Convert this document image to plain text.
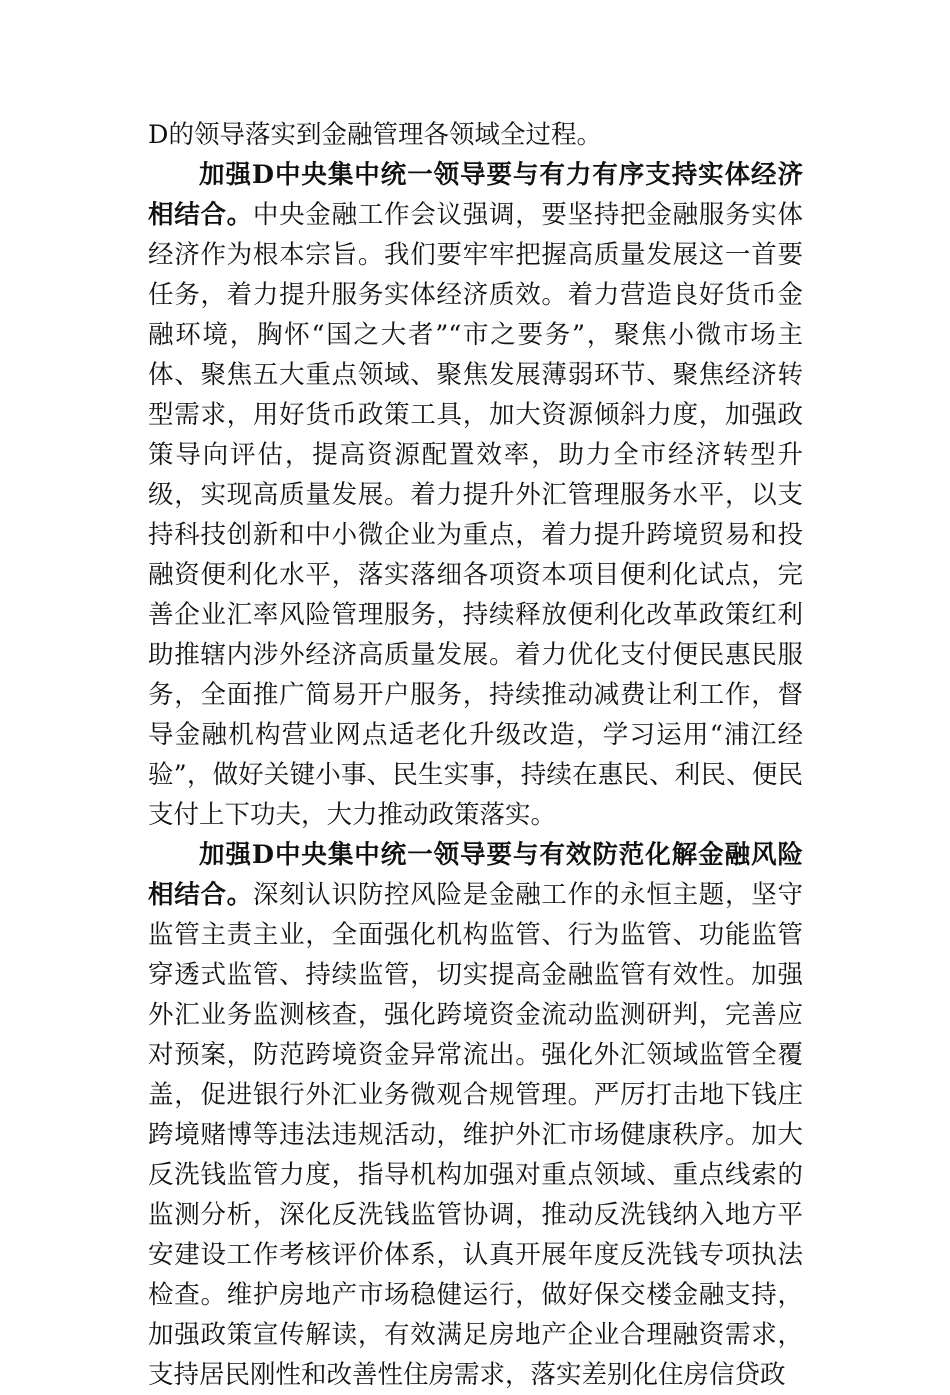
D的领导落实到金融管理各领域全过程。

加强D中央集中统一领导要与有力有序支持实体经济相结合。中央金融工作会议强调，要坚持把金融服务实体经济作为根本宗旨。我们要牢牢把握高质量发展这一首要任务，着力提升服务实体经济质效。着力营造良好货币金融环境，胸怀“国之大者”“市之要务”，聚焦小微市场主体、聚焦五大重点领域、聚焦发展薄弱环节、聚焦经济转型需求，用好货币政策工具，加大资源倾斜力度，加强政策导向评估，提高资源配置效率，助力全市经济转型升级，实现高质量发展。着力提升外汇管理服务水平，以支持科技创新和中小微企业为重点，着力提升跨境贸易和投融资便利化水平，落实落细各项资本项目便利化试点，完善企业汇率风险管理服务，持续释放便利化改革政策红利助推辖内涉外经济高质量发展。着力优化支付便民惠民服务，全面推广简易开户服务，持续推动减费让利工作，督导金融机构营业网点适老化升级改造，学习运用“浦江经验”，做好关键小事、民生实事，持续在惠民、利民、便民支付上下功夫，大力推动政策落实。

加强D中央集中统一领导要与有效防范化解金融风险相结合。深刻认识防控风险是金融工作的永恒主题，坚守监管主责主业，全面强化机构监管、行为监管、功能监管穿透式监管、持续监管，切实提高金融监管有效性。加强外汇业务监测核查，强化跨境资金流动监测研判，完善应对预案，防范跨境资金异常流出。强化外汇领域监管全覆盖，促进银行外汇业务微观合规管理。严厉打击地下钱庄跨境赌博等违法违规活动，维护外汇市场健康秩序。加大反洗钱监管力度，指导机构加强对重点领域、重点线索的监测分析，深化反洗钱监管协调，推动反洗钱纳入地方平安建设工作考核评价体系，认真开展年度反洗钱专项执法检查。维护房地产市场稳健运行，做好保交楼金融支持，加强政策宣传解读，有效满足房地产企业合理融资需求，支持居民刚性和改善性住房需求，落实差别化住房信贷政
